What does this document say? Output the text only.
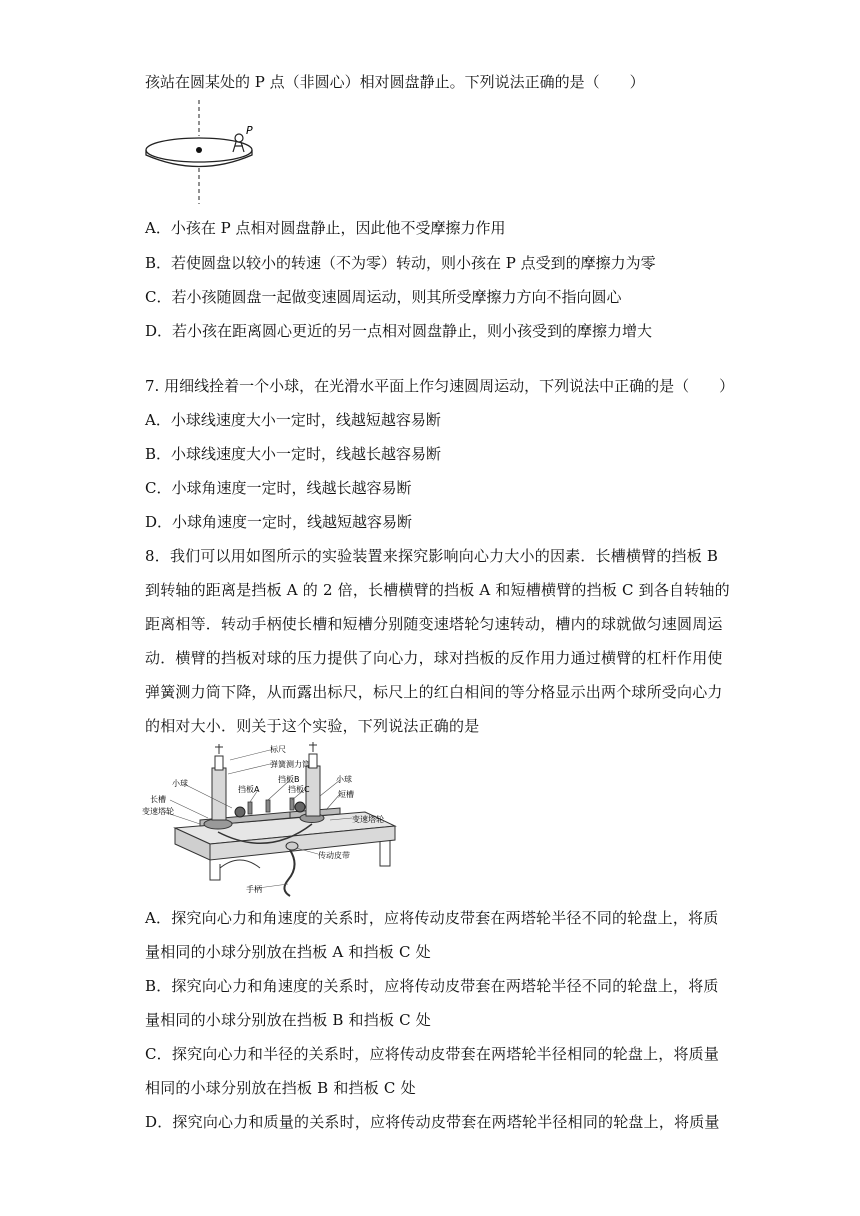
孩站在圆某处的 P 点（非圆心）相对圆盘静止。下列说法正确的是（　　）
P
A．小孩在 P 点相对圆盘静止，因此他不受摩擦力作用
B．若使圆盘以较小的转速（不为零）转动，则小孩在 P 点受到的摩擦力为零
C．若小孩随圆盘一起做变速圆周运动，则其所受摩擦力方向不指向圆心
D．若小孩在距离圆心更近的另一点相对圆盘静止，则小孩受到的摩擦力增大
7. 用细线拴着一个小球，在光滑水平面上作匀速圆周运动，下列说法中正确的是（　　）
A．小球线速度大小一定时，线越短越容易断
B．小球线速度大小一定时，线越长越容易断
C．小球角速度一定时，线越长越容易断
D．小球角速度一定时，线越短越容易断
8．我们可以用如图所示的实验装置来探究影响向心力大小的因素．长槽横臂的挡板 B
到转轴的距离是挡板 A 的 2 倍，长槽横臂的挡板 A 和短槽横臂的挡板 C 到各自转轴的
距离相等．转动手柄使长槽和短槽分别随变速塔轮匀速转动，槽内的球就做匀速圆周运
动．横臂的挡板对球的压力提供了向心力，球对挡板的反作用力通过横臂的杠杆作用使
弹簧测力筒下降，从而露出标尺，标尺上的红白相间的等分格显示出两个球所受向心力
的相对大小．则关于这个实验，下列说法正确的是
标尺
弹簧测力筒
小球	挡板B
挡板A	挡板C
小球
长槽
短槽
变速塔轮
变速塔轮
传动皮带
手柄
A．探究向心力和角速度的关系时，应将传动皮带套在两塔轮半径不同的轮盘上，将质
量相同的小球分别放在挡板 A 和挡板 C 处
B．探究向心力和角速度的关系时，应将传动皮带套在两塔轮半径不同的轮盘上，将质
量相同的小球分别放在挡板 B 和挡板 C 处
C．探究向心力和半径的关系时，应将传动皮带套在两塔轮半径相同的轮盘上，将质量
相同的小球分别放在挡板 B 和挡板 C 处
D．探究向心力和质量的关系时，应将传动皮带套在两塔轮半径相同的轮盘上，将质量
